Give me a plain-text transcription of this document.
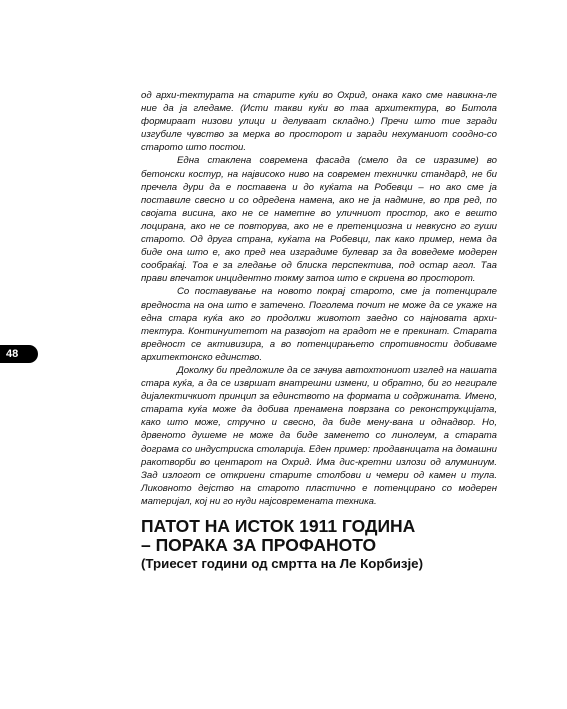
48

од архи-тектурата на старите куќи во Охрид, онака како сме навикна-ле ние да ја гледаме. (Исти такви куќи во таа архитектура, во Битола формираат низови улици и делуваат складно.) Пречи што тие згради изгубиле чувство за мерка во просторот и заради нехуманиот соодно-со старото што постои.

Една стаклена современа фасада (смело да се изразиме) во бетонски костур, на највисоко ниво на современ технички стандард, не би пречела дури да е поставена и до куќата на Робевци – но ако сме ја поставиле свесно и со одредена намена, ако не ја надмине, во прв ред, по својата висина, ако не се наметне во уличниот простор, ако е вешто лоцирана, ако не се повторува, ако не е претенциозна и невкусно го гуши старото. Од друга страна, куќата на Робевци, пак како пример, нема да биде она што е, ако пред неа изградиме булевар за да воведеме модерен сообраќај. Тоа е за гледање од блиска перспектива, под остар агол. Таа прави впечаток инцидентно токму затоа што е скриена во просторот.

Со поставување на новото покрај старото, сме ја потенцирале вредноста на она што е затечено. Поголема почит не може да се укаже на една стара куќа ако го продолжи животот заедно со најновата архи-тектура. Континуитетот на развојот на градот не е прекинат. Старата вредност се активизира, а во потенцирањето спротивности добиваме архитектонско единство.

Доколку би предложиле да се зачува автохтониот изглед на нашата стара куќа, а да се извршат внатрешни измени, и обратно, би го негирале дијалектичкиот принцип за единството на формата и содржината. Имено, старата куќа може да добива пренамена поврзана со реконструкцијата, како што може, стручно и свесно, да биде мену-вана и однадвор. Но, дрвеното душеме не може да биде заменето со линолеум, а старата дограма со индустриска столарија. Еден пример: продавницата на домашни ракотворби во центарот на Охрид. Има дис-кретни излози од алуминиум. Зад излогот се откриени старите столбови и чемери од камен и тула. Ликовното дејство на старото пластично е потенцирано со модерен материјал, кој ни го нуди најсовремената техника.

ПАТОТ НА ИСТОК 1911 ГОДИНА
– ПОРАКА ЗА ПРОФАНОТО
(Триесет години од смртта на Ле Корбизје)
